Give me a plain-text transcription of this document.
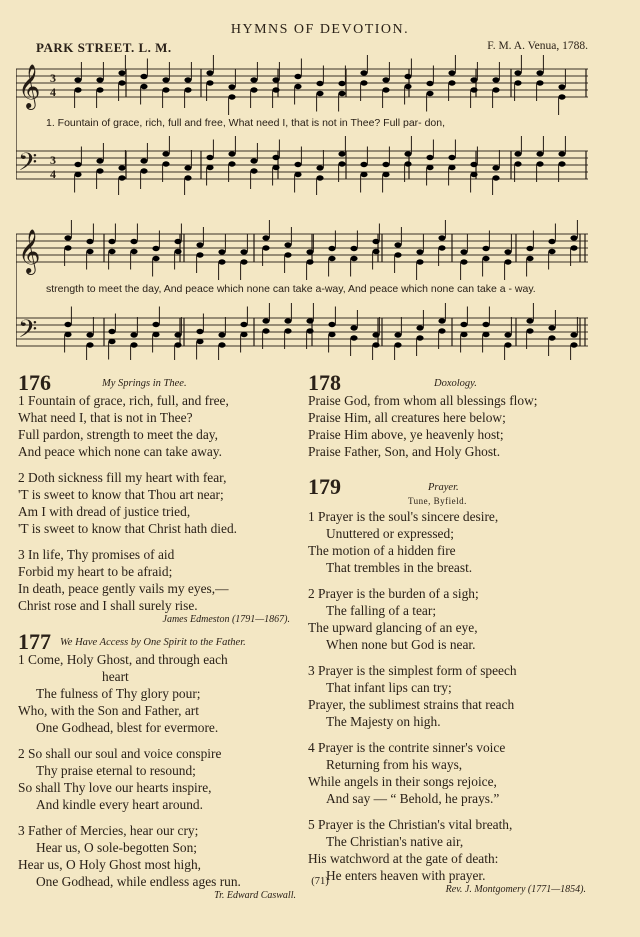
HYMNS OF DEVOTION.
PARK STREET. L. M.	F. M. A. Venua, 1788.
𝄞
𝄢
3
4
3
4
1. Fountain of grace, rich, full and free, What need I, that is not in Thee? Full par- don,
𝄞
𝄢
strength to meet the day, And peace which none can take a-way, And peace which none can take a - way.
176	My Springs in Thee.
1 Fountain of grace, rich, full, and free,
What need I, that is not in Thee?
Full pardon, strength to meet the day,
And peace which none can take away.
2 Doth sickness fill my heart with fear,
'T is sweet to know that Thou art near;
Am I with dread of justice tried,
'T is sweet to know that Christ hath died.
3 In life, Thy promises of aid
Forbid my heart to be afraid;
In death, peace gently vails my eyes,—
Christ rose and I shall surely rise.
James Edmeston (1791—1867).
177 We Have Access by One Spirit to the Father.
1 Come, Holy Ghost, and through each
heart
The fulness of Thy glory pour;
Who, with the Son and Father, art
One Godhead, blest for evermore.
2 So shall our soul and voice conspire
Thy praise eternal to resound;
So shall Thy love our hearts inspire,
And kindle every heart around.
3 Father of Mercies, hear our cry;
Hear us, O sole-begotten Son;
Hear us, O Holy Ghost most high,
One Godhead, while endless ages run.
Tr. Edward Caswall.
178	Doxology.
Praise God, from whom all blessings flow;
Praise Him, all creatures here below;
Praise Him above, ye heavenly host;
Praise Father, Son, and Holy Ghost.
179	Prayer.
Tune, Byfield.
1 Prayer is the soul's sincere desire,
Unuttered or expressed;
The motion of a hidden fire
That trembles in the breast.
2 Prayer is the burden of a sigh;
The falling of a tear;
The upward glancing of an eye,
When none but God is near.
3 Prayer is the simplest form of speech
That infant lips can try;
Prayer, the sublimest strains that reach
The Majesty on high.
4 Prayer is the contrite sinner's voice
Returning from his ways,
While angels in their songs rejoice,
And say — “ Behold, he prays.”
5 Prayer is the Christian's vital breath,
The Christian's native air,
His watchword at the gate of death:
He enters heaven with prayer.
Rev. J. Montgomery (1771—1854).
(71)
